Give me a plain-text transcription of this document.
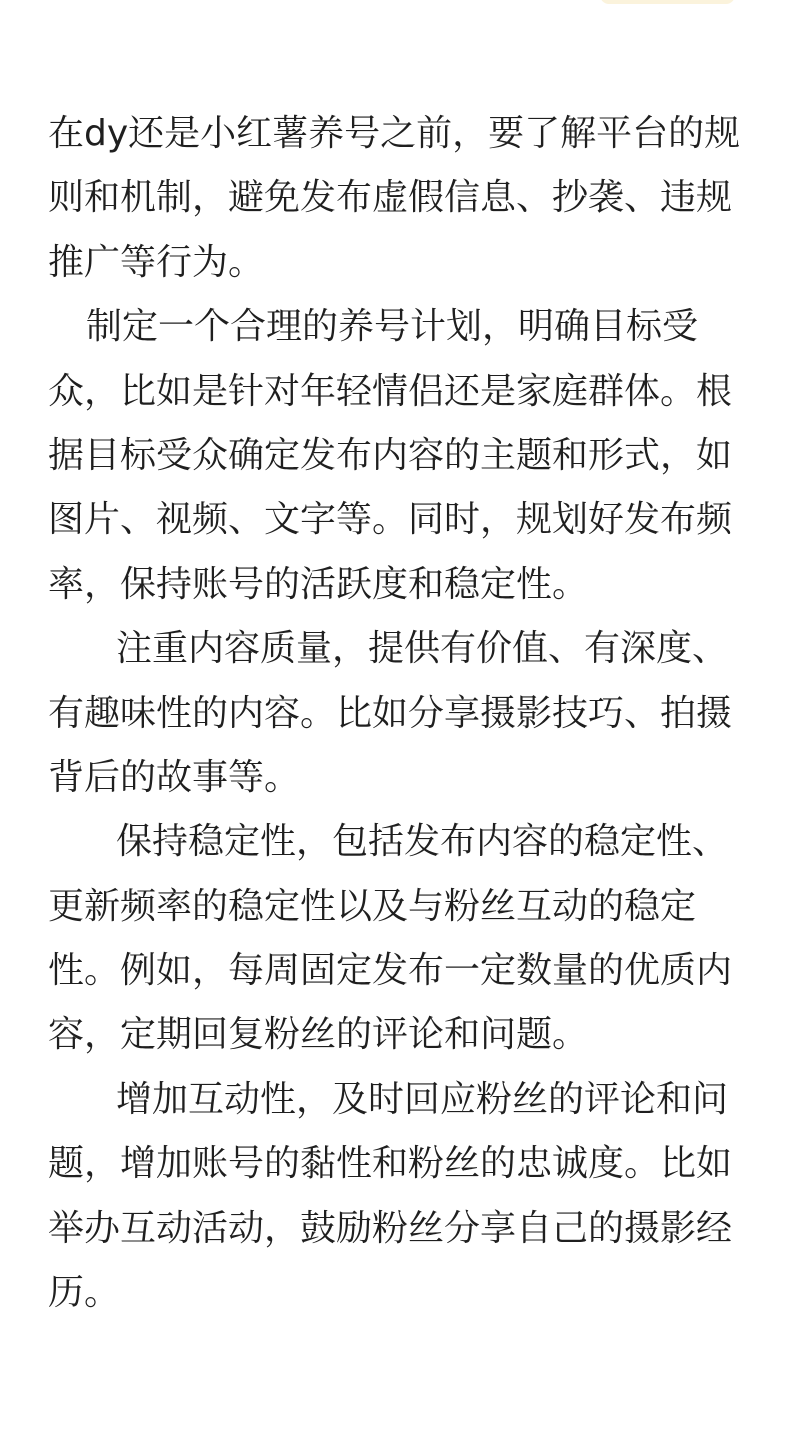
在dy还是小红薯养号之前，要了解平台的规
则和机制，避免发布虚假信息、抄袭、违规
推广等行为。
制定一个合理的养号计划，明确目标受
众，比如是针对年轻情侣还是家庭群体。根
据目标受众确定发布内容的主题和形式，如
图片、视频、文字等。同时，规划好发布频
率，保持账号的活跃度和稳定性。
注重内容质量，提供有价值、有深度、
有趣味性的内容。比如分享摄影技巧、拍摄
背后的故事等。
保持稳定性，包括发布内容的稳定性、
更新频率的稳定性以及与粉丝互动的稳定
性。例如，每周固定发布一定数量的优质内
容，定期回复粉丝的评论和问题。
增加互动性，及时回应粉丝的评论和问
题，增加账号的黏性和粉丝的忠诚度。比如
举办互动活动，鼓励粉丝分享自己的摄影经
历。
